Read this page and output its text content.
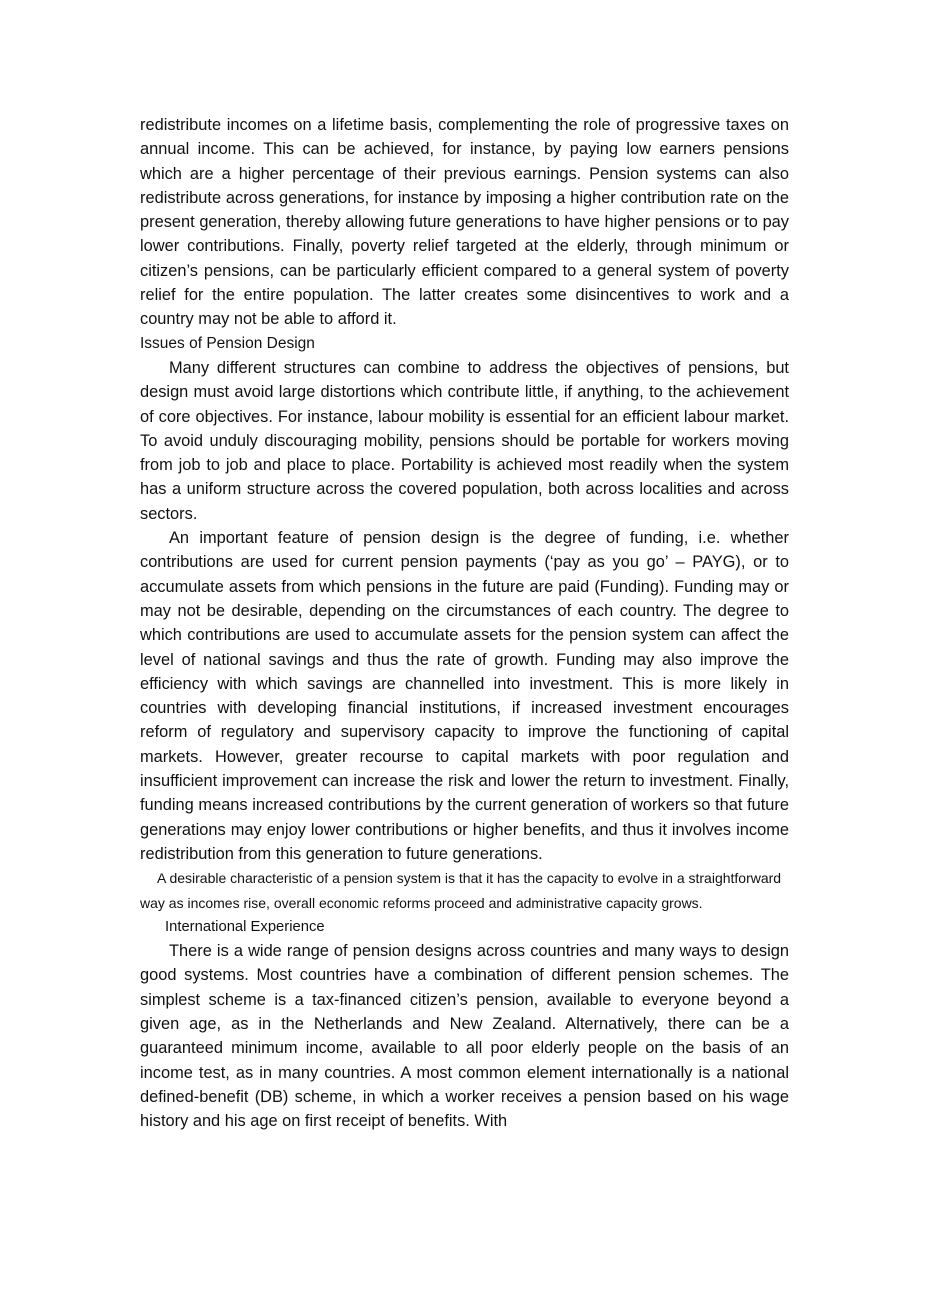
redistribute incomes on a lifetime basis, complementing the role of progressive taxes on annual income. This can be achieved, for instance, by paying low earners pensions which are a higher percentage of their previous earnings. Pension systems can also redistribute across generations, for instance by imposing a higher contribution rate on the present generation, thereby allowing future generations to have higher pensions or to pay lower contributions. Finally, poverty relief targeted at the elderly, through minimum or citizen’s pensions, can be particularly efficient compared to a general system of poverty relief for the entire population. The latter creates some disincentives to work and a country may not be able to afford it.

Issues of Pension Design

Many different structures can combine to address the objectives of pensions, but design must avoid large distortions which contribute little, if anything, to the achievement of core objectives. For instance, labour mobility is essential for an efficient labour market. To avoid unduly discouraging mobility, pensions should be portable for workers moving from job to job and place to place. Portability is achieved most readily when the system has a uniform structure across the covered population, both across localities and across sectors.

An important feature of pension design is the degree of funding, i.e. whether contributions are used for current pension payments (‘pay as you go’ – PAYG), or to accumulate assets from which pensions in the future are paid (Funding). Funding may or may not be desirable, depending on the circumstances of each country. The degree to which contributions are used to accumulate assets for the pension system can affect the level of national savings and thus the rate of growth. Funding may also improve the efficiency with which savings are channelled into investment. This is more likely in countries with developing financial institutions, if increased investment encourages reform of regulatory and supervisory capacity to improve the functioning of capital markets. However, greater recourse to capital markets with poor regulation and insufficient improvement can increase the risk and lower the return to investment. Finally, funding means increased contributions by the current generation of workers so that future generations may enjoy lower contributions or higher benefits, and thus it involves income redistribution from this generation to future generations.

A desirable characteristic of a pension system is that it has the capacity to evolve in a straightforward way as incomes rise, overall economic reforms proceed and administrative capacity grows.

International Experience

There is a wide range of pension designs across countries and many ways to design good systems. Most countries have a combination of different pension schemes. The simplest scheme is a tax-financed citizen’s pension, available to everyone beyond a given age, as in the Netherlands and New Zealand. Alternatively, there can be a guaranteed minimum income, available to all poor elderly people on the basis of an income test, as in many countries. A most common element internationally is a national defined-benefit (DB) scheme, in which a worker receives a pension based on his wage history and his age on first receipt of benefits. With
